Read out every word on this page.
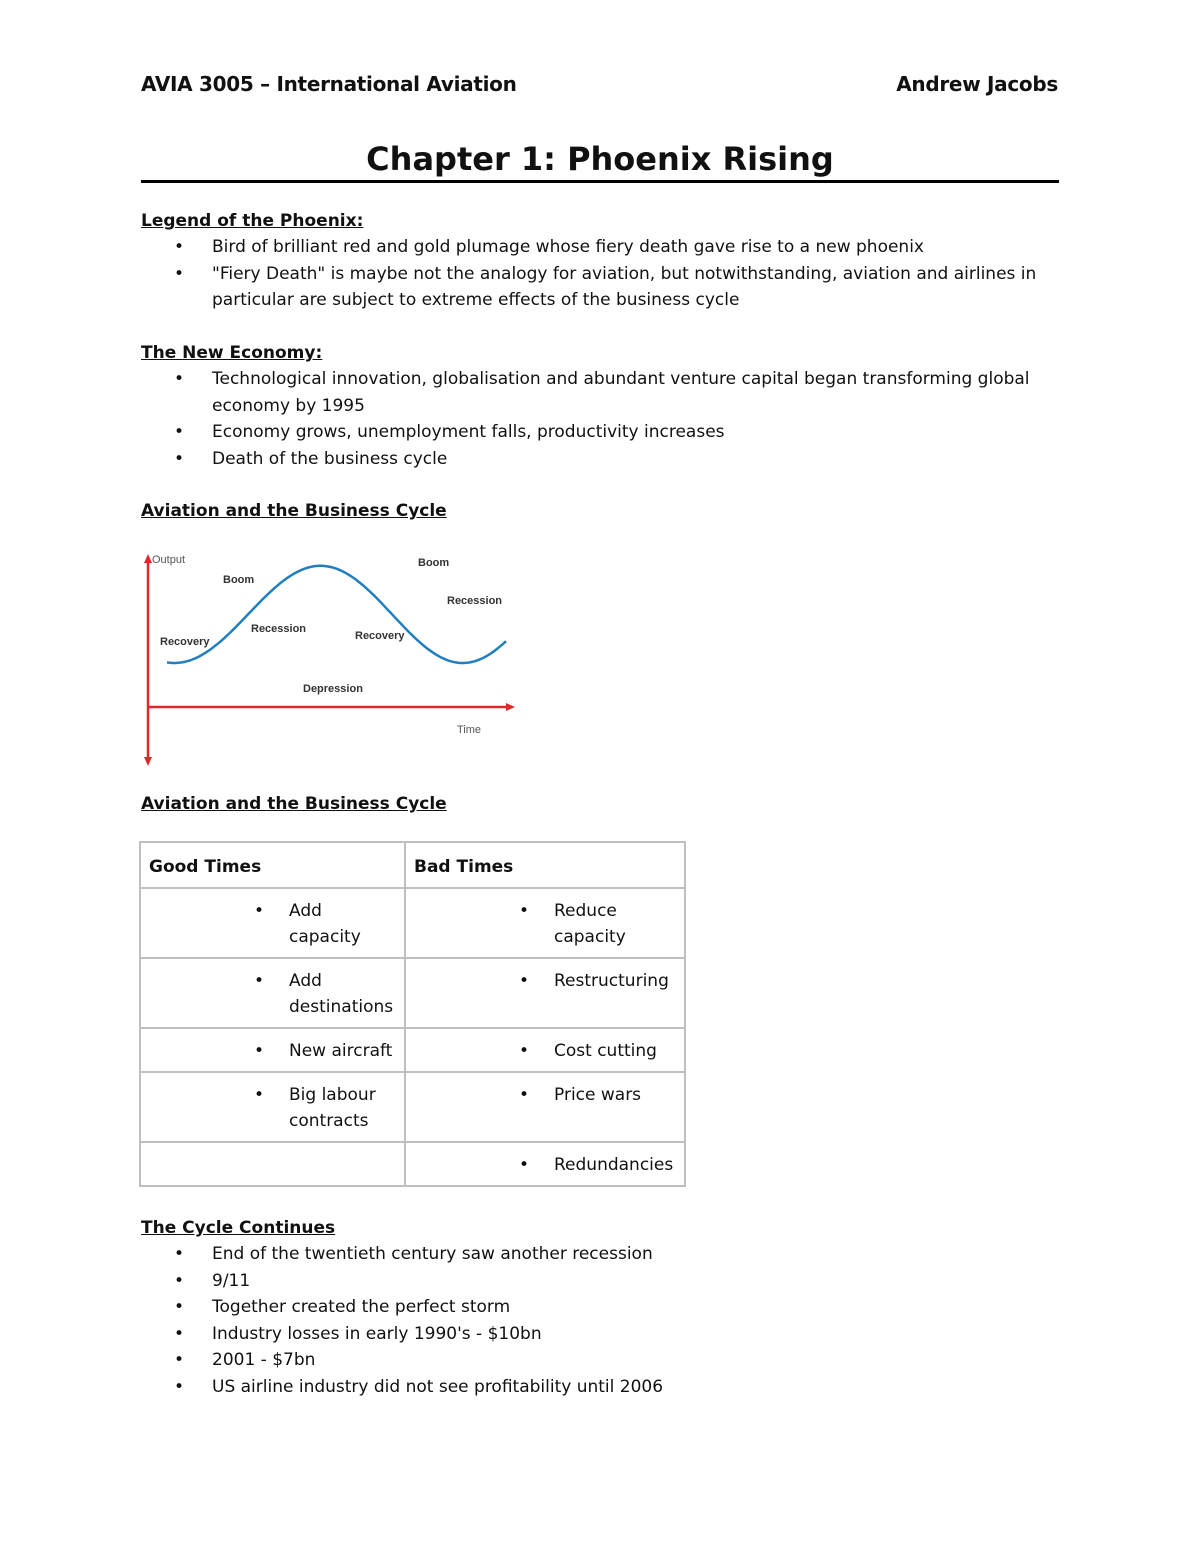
AVIA 3005 – International Aviation	Andrew Jacobs
Chapter 1: Phoenix Rising

Legend of the Phoenix:

• Bird of brilliant red and gold plumage whose fiery death gave rise to a new phoenix
• "Fiery Death" is maybe not the analogy for aviation, but notwithstanding, aviation and airlines in particular are subject to extreme effects of the business cycle

The New Economy:

• Technological innovation, globalisation and abundant venture capital began transforming global economy by 1995
• Economy grows, unemployment falls, productivity increases
• Death of the business cycle

Aviation and the Business Cycle

Output
Time
Recovery
Boom
Recession
Depression
Recovery
Boom
Recession

Aviation and the Business Cycle

Good Times	Bad Times

• Add capacity	• Reduce capacity

• Add destinations	• Restructuring

• New aircraft	• Cost cutting

• Big labour contracts	• Price wars

	• Redundancies

The Cycle Continues

• End of the twentieth century saw another recession
• 9/11
• Together created the perfect storm
• Industry losses in early 1990's - $10bn
• 2001 - $7bn
• US airline industry did not see profitability until 2006
